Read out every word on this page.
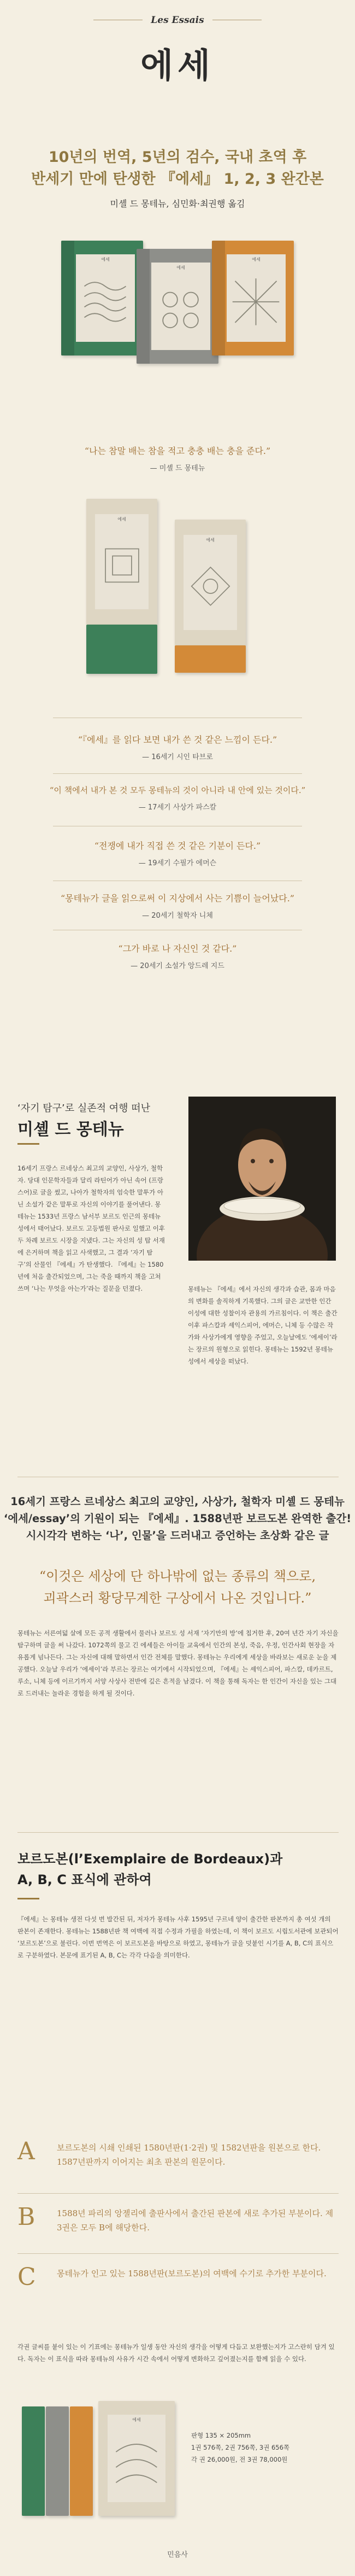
Les Essais
에세
10년의 번역, 5년의 검수, 국내 초역 후
반세기 만에 탄생한 『에세』 1, 2, 3 완간본
미셸 드 몽테뉴, 심민화·최권행 옮김
에세
에세
에세
“나는 참말 배는 참을 적고 충충 배는 충을 준다.”
— 미셸 드 몽테뉴
에세
에세
“『에세』를 읽다 보면 내가 쓴 것 같은 느낌이 든다.”
— 16세기 시인 타브로
“이 책에서 내가 본 것 모두 몽테뉴의 것이 아니라 내 안에 있는 것이다.”
— 17세기 사상가 파스칼
“전쟁에 내가 직접 쓴 것 같은 기분이 든다.”
— 19세기 수필가 에머슨
“몽테뉴가 글을 읽으로써 이 지상에서 사는 기쁨이 늘어났다.”
— 20세기 철학자 니체
“그가 바로 나 자신인 것 같다.”
— 20세기 소설가 앙드레 지드
‘자기 탐구’로 실존적 여행 떠난
미셸 드 몽테뉴
16세기 프랑스 르네상스 최고의 교양인, 사상가, 철학자. 당대 인문학자들과 달리 라틴어가 아닌 속어 (프랑스어)로 글을 썼고, 나아가 철학자의 엄숙한 말투가 아닌 소설가 같은 말투로 자신의 이야기를 풀어낸다. 몽테뉴는 1533년 프랑스 남서부 보르도 인근의 몽테뉴 성에서 태어났다. 보르도 고등법원 판사로 일했고 이후 두 차례 보르도 시장을 지냈다. 그는 자신의 성 탑 서재에 은거하며 책을 읽고 사색했고, 그 결과 ‘자기 탐구’의 산물인 『에세』가 탄생했다. 『에세』는 1580년에 처음 출간되었으며, 그는 죽을 때까지 책을 고쳐 쓰며 ‘나는 무엇을 아는가’라는 질문을 던졌다.	몽테뉴는 『에세』에서 자신의 생각과 습관, 몸과 마음의 변화를 솔직하게 기록했다. 그의 글은 교만한 인간 이성에 대한 성찰이자 관용의 가르침이다. 이 책은 출간 이후 파스칼과 셰익스피어, 에머슨, 니체 등 수많은 작가와 사상가에게 영향을 주었고, 오늘날에도 ‘에세이’라는 장르의 원형으로 읽힌다. 몽테뉴는 1592년 몽테뉴 성에서 세상을 떠났다.
16세기 프랑스 르네상스 최고의 교양인, 사상가, 철학자 미셸 드 몽테뉴
‘에세/essay’의 기원이 되는 『에세』. 1588년판 보르도본 완역한 출간!
시시각각 변하는 ‘나’, 인물’을 드러내고 증언하는 초상화 같은 글
“이것은 세상에 단 하나밖에 없는 종류의 책으로,
괴곽스러 황당무계한 구상에서 나온 것입니다.”
몽테뉴는 서른여덟 살에 모든 공적 생활에서 물러나 보르도 성 서재 ‘자기만의 방’에 칩거한 후, 20여 년간 자기 자신을 탐구하며 글을 써 나갔다. 1072쪽의 물고 긴 에세들은 아이들 교육에서 인간의 본성, 죽음, 우정, 인간사회 현장을 자유롭게 넘나든다. 그는 자신에 대해 말하면서 인간 전체를 말했다. 몽테뉴는 우리에게 세상을 바라보는 새로운 눈을 제공했다. 오늘날 우리가 ‘에세이’라 부르는 장르는 여기에서 시작되었으며, 『에세』는 셰익스피어, 파스칼, 데카르트, 루소, 니체 등에 이르기까지 서양 사상사 전반에 깊은 흔적을 남겼다. 이 책을 통해 독자는 한 인간이 자신을 있는 그대로 드러내는 놀라운 경험을 하게 될 것이다.
보르도본(l’Exemplaire de Bordeaux)과
A, B, C 표식에 관하여
『에세』는 몽테뉴 생전 다섯 번 발간된 뒤, 저자가 몽테뉴 사후 1595년 구르네 양이 출간한 판본까지 총 여섯 개의 판본이 존재한다. 몽테뉴는 1588년판 책 여백에 직접 수정과 가필을 하였는데, 이 책이 보르도 시립도서관에 보관되어 ‘보르도본’으로 불린다. 이번 번역은 이 보르도본을 바탕으로 하였고, 몽테뉴가 글을 덧붙인 시기를 A, B, C의 표식으로 구분하였다. 본문에 표기된 A, B, C는 각각 다음을 의미한다.
A	보르도본의 시쇄 인쇄된 1580년판(1·2권) 및 1582년판을 원본으로 한다. 1587년판까지 이어지는 최초 판본의 원문이다.
B	1588년 파리의 앙젤리에 출판사에서 출간된 판본에 새로 추가된 부분이다. 제3권은 모두 B에 해당한다.
C	몽테뉴가 인고 있는 1588년판(보르도본)의 여백에 수기로 추가한 부분이다.
각권 글씨를 붙이 있는 이 기표에는 몽테뉴가 일생 동안 자신의 생각을 어떻게 다듬고 보완했는지가 고스란히 담겨 있다. 독자는 이 표식을 따라 몽테뉴의 사유가 시간 속에서 어떻게 변화하고 깊어졌는지를 함께 읽을 수 있다.
에세
판형 135 × 205mm
1권 576쪽, 2권 756쪽, 3권 656쪽
각 권 26,000원, 전 3권 78,000원
민음사
